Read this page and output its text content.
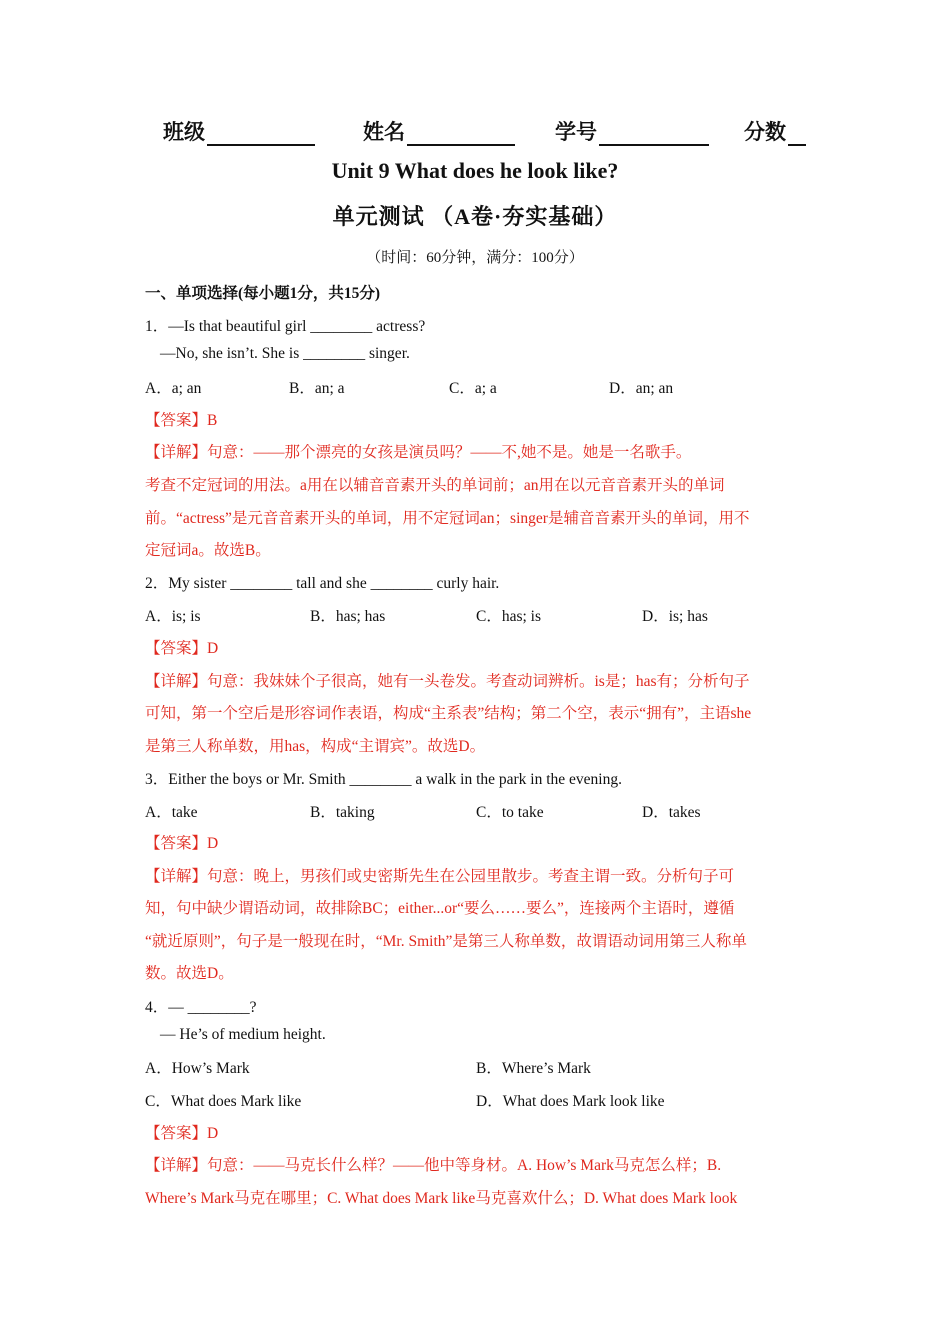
班级	姓名	学号	分数
Unit 9 What does he look like?
单元测试 （A卷·夯实基础）
（时间：60分钟，满分：100分）
一、单项选择(每小题1分，共15分)
1．—Is that beautiful girl ________ actress?
—No, she isn’t. She is ________ singer.
A．a; an	B．an; a	C．a; a	D．an; an
【答案】B
【详解】句意：——那个漂亮的女孩是演员吗？——不,她不是。她是一名歌手。
考查不定冠词的用法。a用在以辅音音素开头的单词前；an用在以元音音素开头的单词
前。“actress”是元音音素开头的单词，用不定冠词an；singer是辅音音素开头的单词，用不
定冠词a。故选B。
2．My sister ________ tall and she ________ curly hair.
A．is; is	B．has; has	C．has; is	D．is; has
【答案】D
【详解】句意：我妹妹个子很高，她有一头卷发。考查动词辨析。is是；has有；分析句子
可知，第一个空后是形容词作表语，构成“主系表”结构；第二个空，表示“拥有”，主语she
是第三人称单数，用has，构成“主谓宾”。故选D。
3．Either the boys or Mr. Smith ________ a walk in the park in the evening.
A．take	B．taking	C．to take	D．takes
【答案】D
【详解】句意：晚上，男孩们或史密斯先生在公园里散步。考查主谓一致。分析句子可
知，句中缺少谓语动词，故排除BC；either...or“要么……要么”，连接两个主语时，遵循
“就近原则”，句子是一般现在时，“Mr. Smith”是第三人称单数，故谓语动词用第三人称单
数。故选D。
4．— ________?
— He’s of medium height.
A．How’s Mark	B．Where’s Mark
C．What does Mark like	D．What does Mark look like
【答案】D
【详解】句意：——马克长什么样？——他中等身材。A. How’s Mark马克怎么样；B.
Where’s Mark马克在哪里；C. What does Mark like马克喜欢什么；D. What does Mark look
